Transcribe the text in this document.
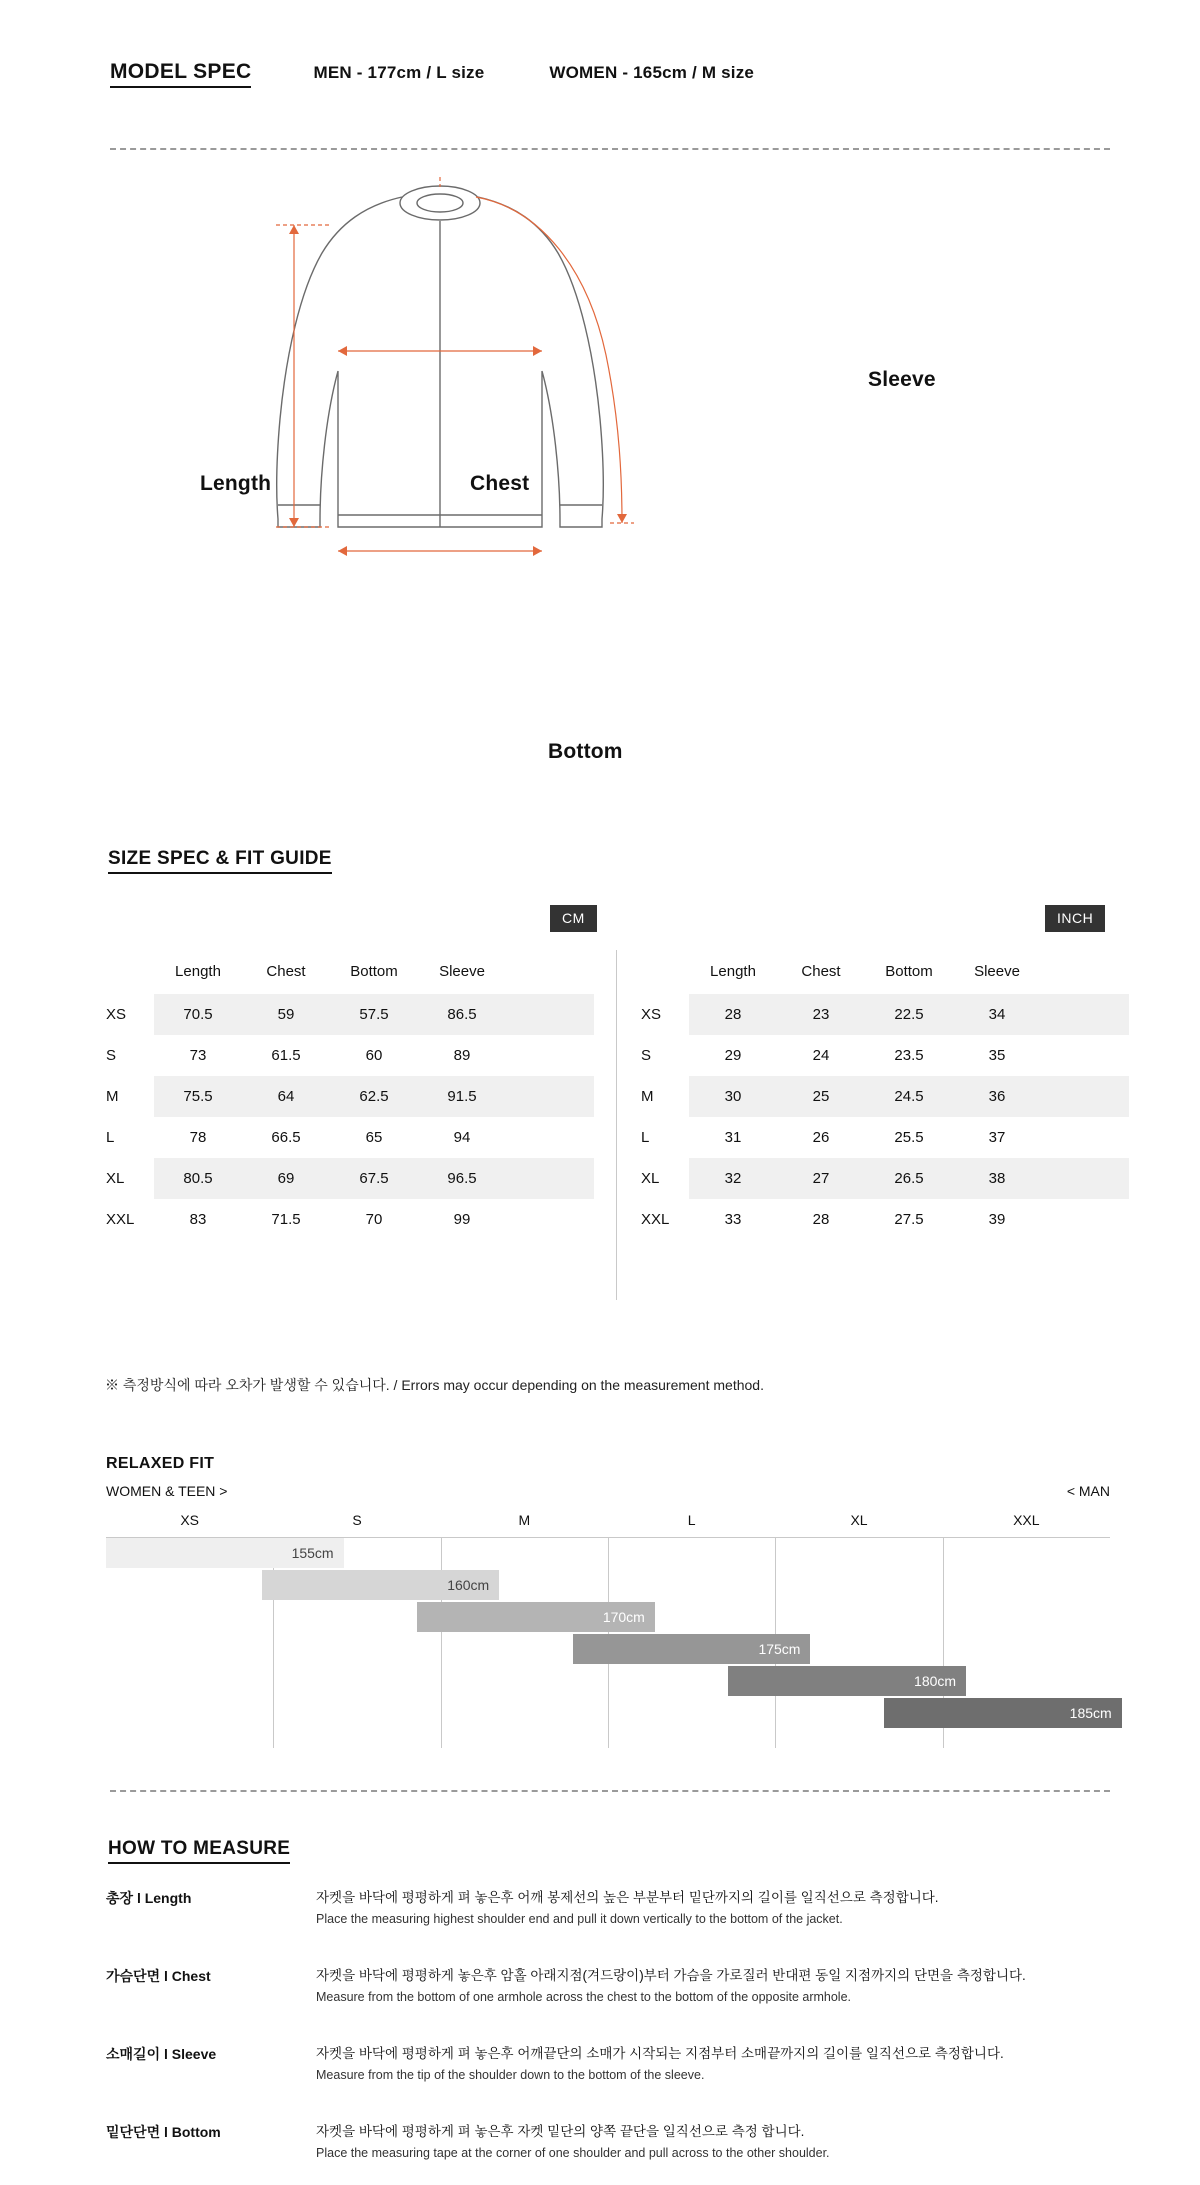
MODEL SPEC	MEN - 177cm / L size	WOMEN - 165cm / M size
Length	Chest
Sleeve
Bottom
SIZE SPEC & FIT GUIDE
CM	INCH
	Length	Chest	Bottom	Sleeve	
XS	70.5	59	57.5	86.5	
S	73	61.5	60	89	
M	75.5	64	62.5	91.5	
L	78	66.5	65	94	
XL	80.5	69	67.5	96.5	
XXL	83	71.5	70	99	
	Length	Chest	Bottom	Sleeve	
XS	28	23	22.5	34	
S	29	24	23.5	35	
M	30	25	24.5	36	
L	31	26	25.5	37	
XL	32	27	26.5	38	
XXL	33	28	27.5	39	
※ 측정방식에 따라 오차가 발생할 수 있습니다. / Errors may occur depending on the measurement method.
RELAXED FIT
WOMEN & TEEN >	< MAN
XS	S	M	L	XL	XXL
155cm
160cm
170cm
175cm
180cm
185cm
HOW TO MEASURE
총장 l Length	자켓을 바닥에 평평하게 펴 놓은후 어깨 봉제선의 높은 부분부터 밑단까지의 길이를 일직선으로 측정합니다.
Place the measuring highest shoulder end and pull it down vertically to the bottom of the jacket.
가슴단면 l Chest	자켓을 바닥에 평평하게 놓은후 암홀 아래지점(겨드랑이)부터 가슴을 가로질러 반대편 동일 지점까지의 단면을 측정합니다.
Measure from the bottom of one armhole across the chest to the bottom of the opposite armhole.
소매길이 l Sleeve	자켓을 바닥에 평평하게 펴 놓은후 어깨끝단의 소매가 시작되는 지점부터 소매끝까지의 길이를 일직선으로 측정합니다.
Measure from the tip of the shoulder down to the bottom of the sleeve.
밑단단면 l Bottom	자켓을 바닥에 평평하게 펴 놓은후 자켓 밑단의 양쪽 끝단을 일직선으로 측정 합니다.
Place the measuring tape at the corner of one shoulder and pull across to the other shoulder.
